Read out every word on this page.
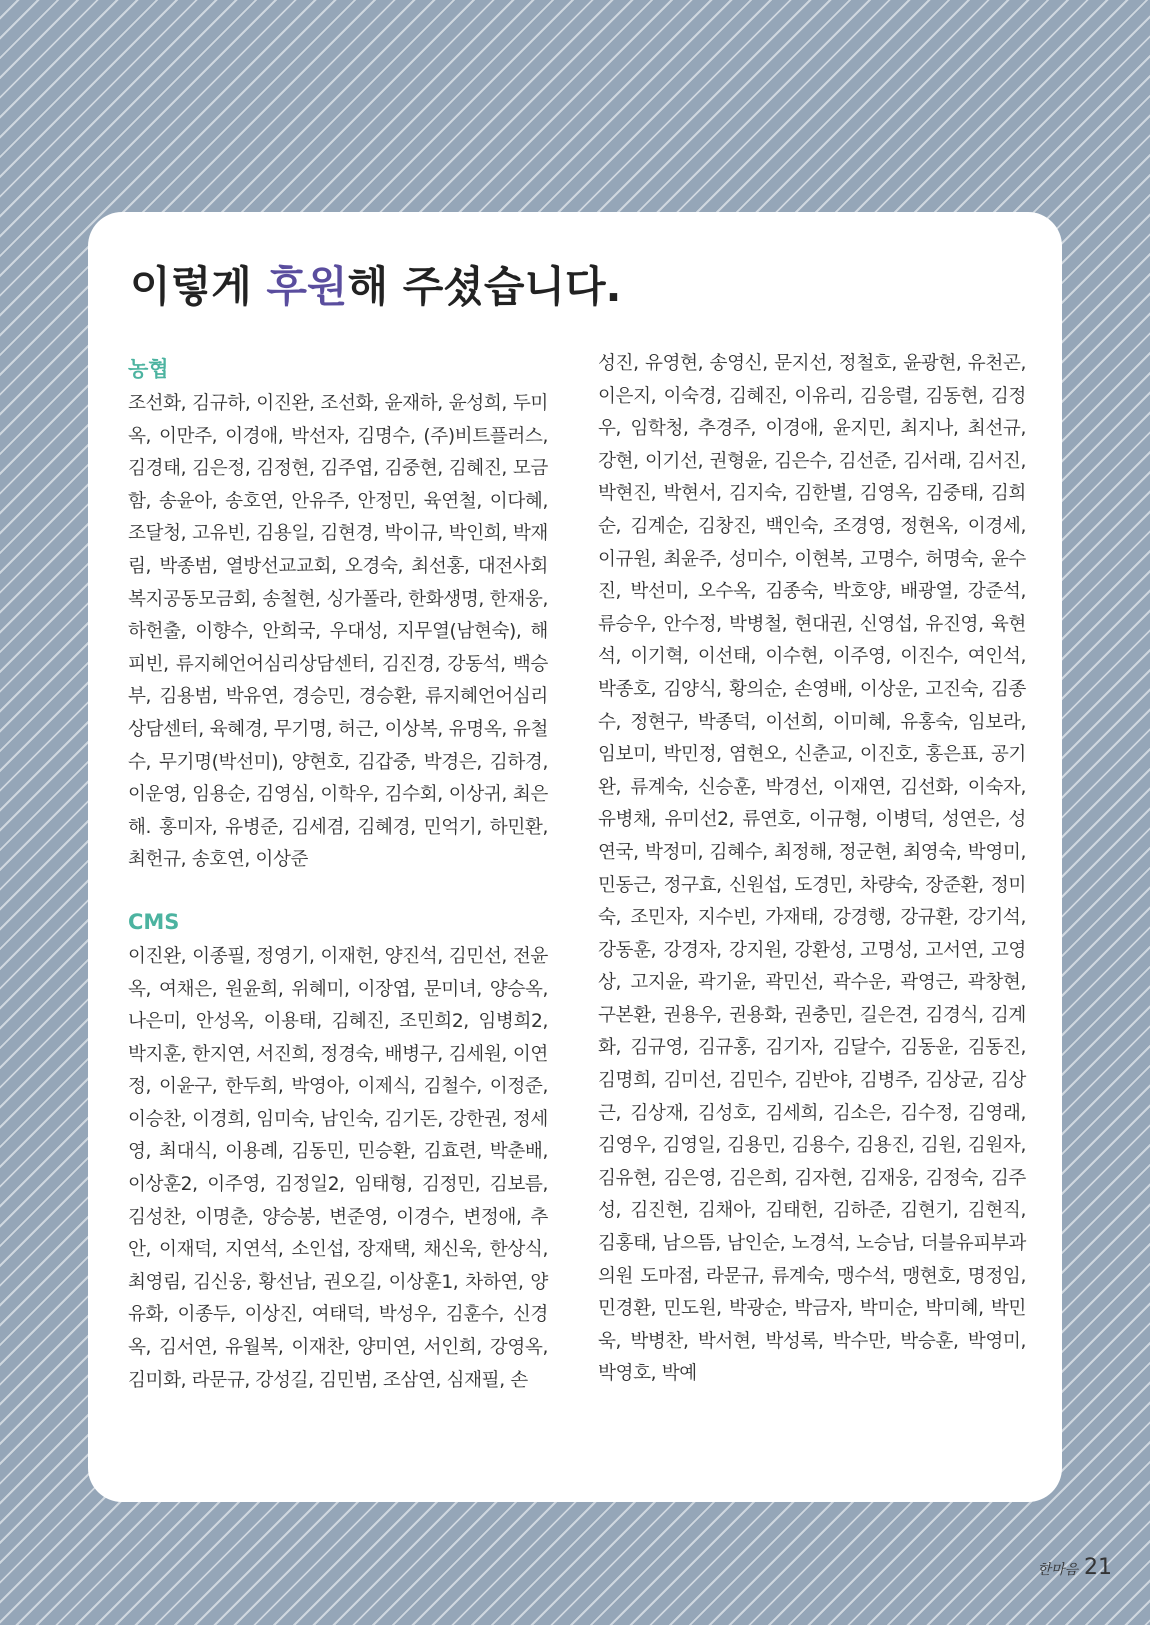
이렇게 후원해 주셨습니다.
농협

조선화, 김규하, 이진완, 조선화, 윤재하, 윤성희, 두미옥, 이만주, 이경애, 박선자, 김명수, (주)비트플러스, 김경태, 김은정, 김정현, 김주엽, 김중현, 김혜진, 모금함, 송윤아, 송호연, 안유주, 안정민, 육연철, 이다혜, 조달청, 고유빈, 김용일, 김현경, 박이규, 박인희, 박재림, 박종범, 열방선교교회, 오경숙, 최선홍, 대전사회복지공동모금회, 송철현, 싱가폴라, 한화생명, 한재웅, 하헌출, 이향수, 안희국, 우대성, 지무열(남현숙), 해피빈, 류지헤언어심리상담센터, 김진경, 강동석, 백승부, 김용범, 박유연, 경승민, 경승환, 류지혜언어심리상담센터, 육혜경, 무기명, 허근, 이상복, 유명옥, 유철수, 무기명(박선미), 양현호, 김갑중, 박경은, 김하경, 이운영, 임용순, 김영심, 이학우, 김수회, 이상귀, 최은해. 홍미자, 유병준, 김세겸, 김혜경, 민억기, 하민환, 최헌규, 송호연, 이상준

CMS

이진완, 이종필, 정영기, 이재헌, 양진석, 김민선, 전윤옥, 여채은, 원윤희, 위혜미, 이장엽, 문미녀, 양승옥, 나은미, 안성옥, 이용태, 김혜진, 조민희2, 임병희2, 박지훈, 한지연, 서진희, 정경숙, 배병구, 김세원, 이연정, 이윤구, 한두희, 박영아, 이제식, 김철수, 이정준, 이승찬, 이경희, 임미숙, 남인숙, 김기돈, 강한권, 정세영, 최대식, 이용례, 김동민, 민승환, 김효련, 박춘배, 이상훈2, 이주영, 김정일2, 임태형, 김정민, 김보름, 김성찬, 이명춘, 양승봉, 변준영, 이경수, 변정애, 추안, 이재덕, 지연석, 소인섭, 장재택, 채신욱, 한상식, 최영림, 김신웅, 황선남, 권오길, 이상훈1, 차하연, 양유화, 이종두, 이상진, 여태덕, 박성우, 김훈수, 신경옥, 김서연, 유월복, 이재찬, 양미연, 서인희, 강영옥, 김미화, 라문규, 강성길, 김민범, 조삼연, 심재필, 손

성진, 유영현, 송영신, 문지선, 정철호, 윤광현, 유천곤, 이은지, 이숙경, 김혜진, 이유리, 김응렬, 김동현, 김정우, 임학청, 추경주, 이경애, 윤지민, 최지나, 최선규, 강현, 이기선, 권형윤, 김은수, 김선준, 김서래, 김서진, 박현진, 박현서, 김지숙, 김한별, 김영옥, 김중태, 김희순, 김계순, 김창진, 백인숙, 조경영, 정현옥, 이경세, 이규원, 최윤주, 성미수, 이현복, 고명수, 허명숙, 윤수진, 박선미, 오수옥, 김종숙, 박호양, 배광열, 강준석, 류승우, 안수정, 박병철, 현대권, 신영섭, 유진영, 육현석, 이기혁, 이선태, 이수현, 이주영, 이진수, 여인석, 박종호, 김양식, 황의순, 손영배, 이상운, 고진숙, 김종수, 정현구, 박종덕, 이선희, 이미혜, 유홍숙, 임보라, 임보미, 박민정, 염현오, 신춘교, 이진호, 홍은표, 공기완, 류계숙, 신승훈, 박경선, 이재연, 김선화, 이숙자, 유병채, 유미선2, 류연호, 이규형, 이병덕, 성연은, 성연국, 박정미, 김혜수, 최정해, 정군현, 최영숙, 박영미, 민동근, 정구효, 신원섭, 도경민, 차량숙, 장준환, 정미숙, 조민자, 지수빈, 가재태, 강경행, 강규환, 강기석, 강동훈, 강경자, 강지원, 강환성, 고명성, 고서연, 고영상, 고지윤, 곽기윤, 곽민선, 곽수운, 곽영근, 곽창현, 구본환, 권용우, 권용화, 권충민, 길은견, 김경식, 김계화, 김규영, 김규홍, 김기자, 김달수, 김동윤, 김동진, 김명희, 김미선, 김민수, 김반야, 김병주, 김상균, 김상근, 김상재, 김성호, 김세희, 김소은, 김수정, 김영래, 김영우, 김영일, 김용민, 김용수, 김용진, 김원, 김원자, 김유현, 김은영, 김은희, 김자현, 김재웅, 김정숙, 김주성, 김진현, 김채아, 김태헌, 김하준, 김현기, 김현직, 김홍태, 남으뜸, 남인순, 노경석, 노승남, 더블유피부과의원 도마점, 라문규, 류계숙, 맹수석, 맹현호, 명정임, 민경환, 민도원, 박광순, 박금자, 박미순, 박미혜, 박민욱, 박병찬, 박서현, 박성록, 박수만, 박승훈, 박영미, 박영호, 박예

한마음 21
